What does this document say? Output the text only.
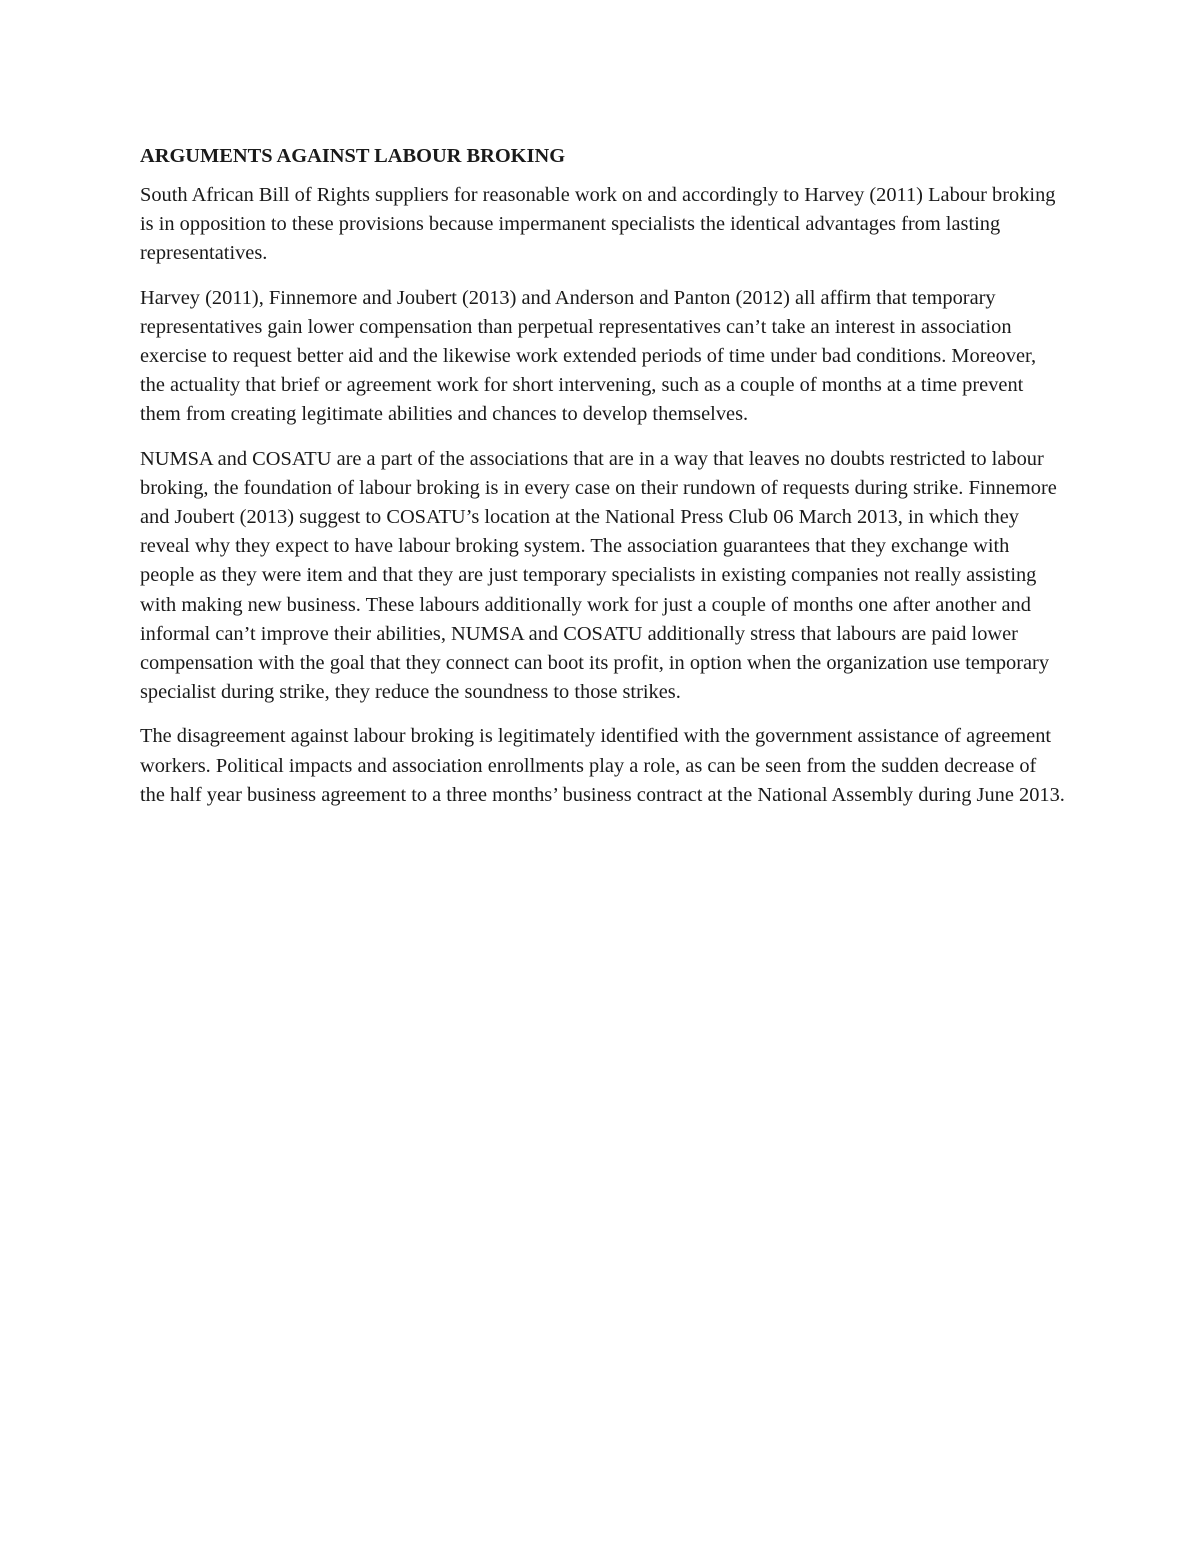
ARGUMENTS AGAINST LABOUR BROKING

South African Bill of Rights suppliers for reasonable work on and accordingly to Harvey (2011) Labour broking is in opposition to these provisions because impermanent specialists the identical advantages from lasting representatives.

Harvey (2011), Finnemore and Joubert (2013) and Anderson and Panton (2012) all affirm that temporary representatives gain lower compensation than perpetual representatives can’t take an interest in association exercise to request better aid and the likewise work extended periods of time under bad conditions. Moreover, the actuality that brief or agreement work for short intervening, such as a couple of months at a time prevent them from creating legitimate abilities and chances to develop themselves.

NUMSA and COSATU are a part of the associations that are in a way that leaves no doubts restricted to labour broking, the foundation of labour broking is in every case on their rundown of requests during strike. Finnemore and Joubert (2013) suggest to COSATU’s location at the National Press Club 06 March 2013, in which they reveal why they expect to have labour broking system. The association guarantees that they exchange with people as they were item and that they are just temporary specialists in existing companies not really assisting with making new business. These labours additionally work for just a couple of months one after another and informal can’t improve their abilities, NUMSA and COSATU additionally stress that labours are paid lower compensation with the goal that they connect can boot its profit, in option when the organization use temporary specialist during strike, they reduce the soundness to those strikes.

The disagreement against labour broking is legitimately identified with the government assistance of agreement workers. Political impacts and association enrollments play a role, as can be seen from the sudden decrease of the half year business agreement to a three months’ business contract at the National Assembly during June 2013.
